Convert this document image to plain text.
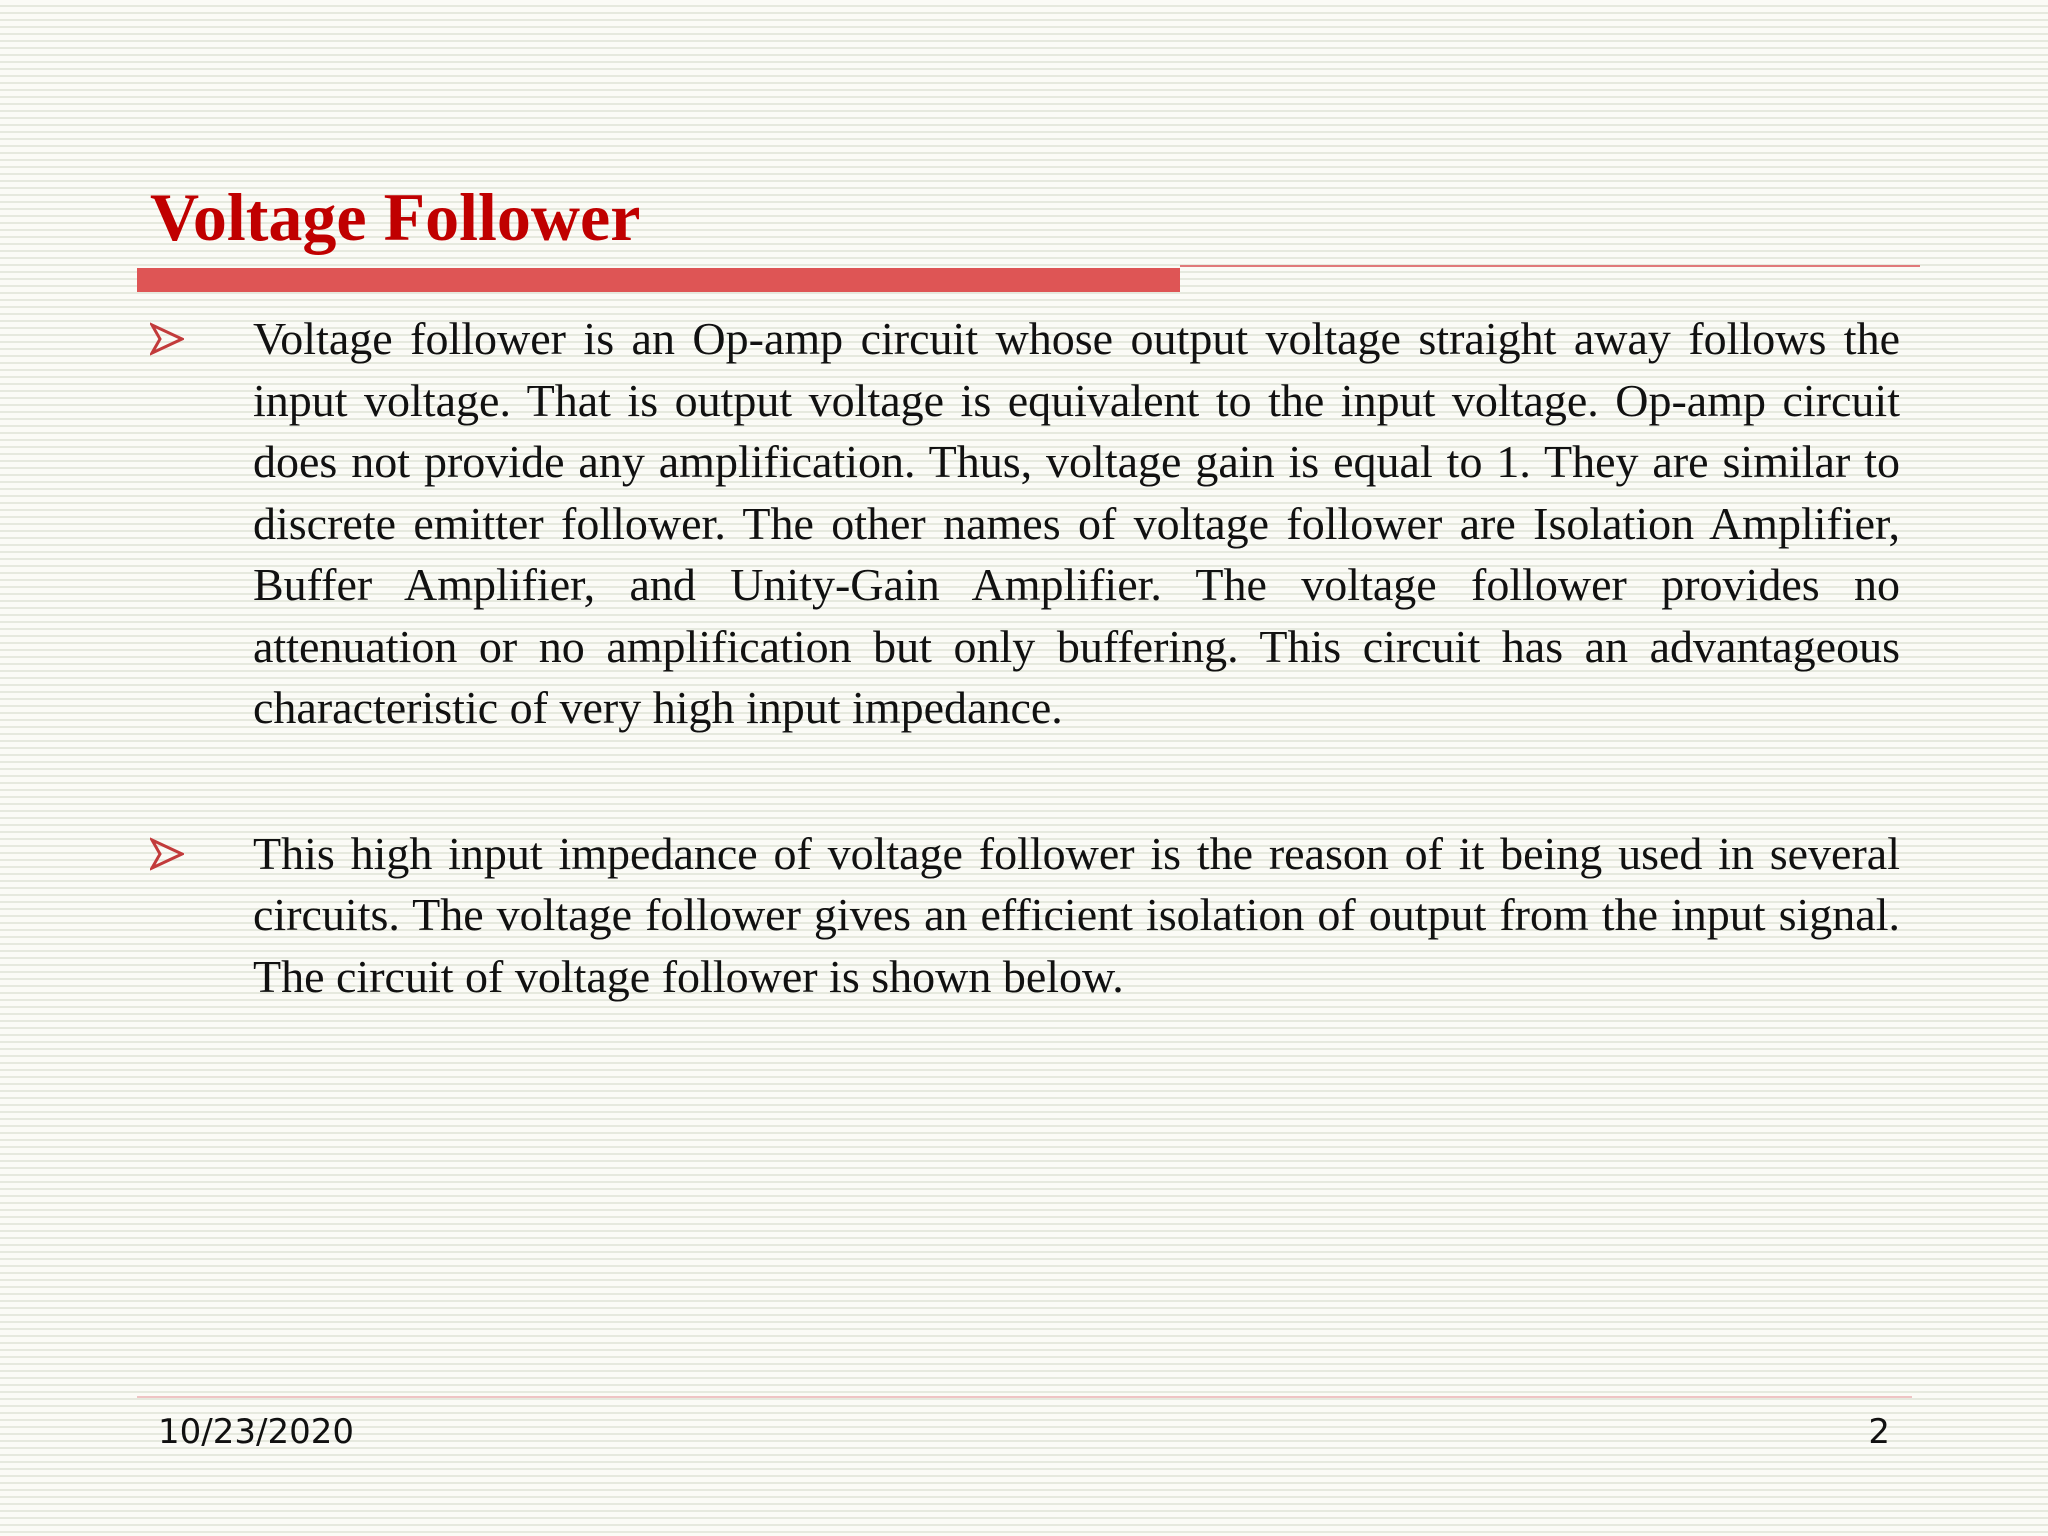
Voltage Follower
Voltage follower is an Op-amp circuit whose output voltage straight away follows the input voltage. That is output voltage is equivalent to the input voltage. Op-amp circuit does not provide any amplification. Thus, voltage gain is equal to 1. They are similar to discrete emitter follower. The other names of voltage follower are Isolation Amplifier, Buffer Amplifier, and Unity-Gain Amplifier. The voltage follower provides no attenuation or no amplification but only buffering. This circuit has an advantageous characteristic of very high input impedance.
This high input impedance of voltage follower is the reason of it being used in several circuits. The voltage follower gives an efficient isolation of output from the input signal. The circuit of voltage follower is shown below.
10/23/2020	2
